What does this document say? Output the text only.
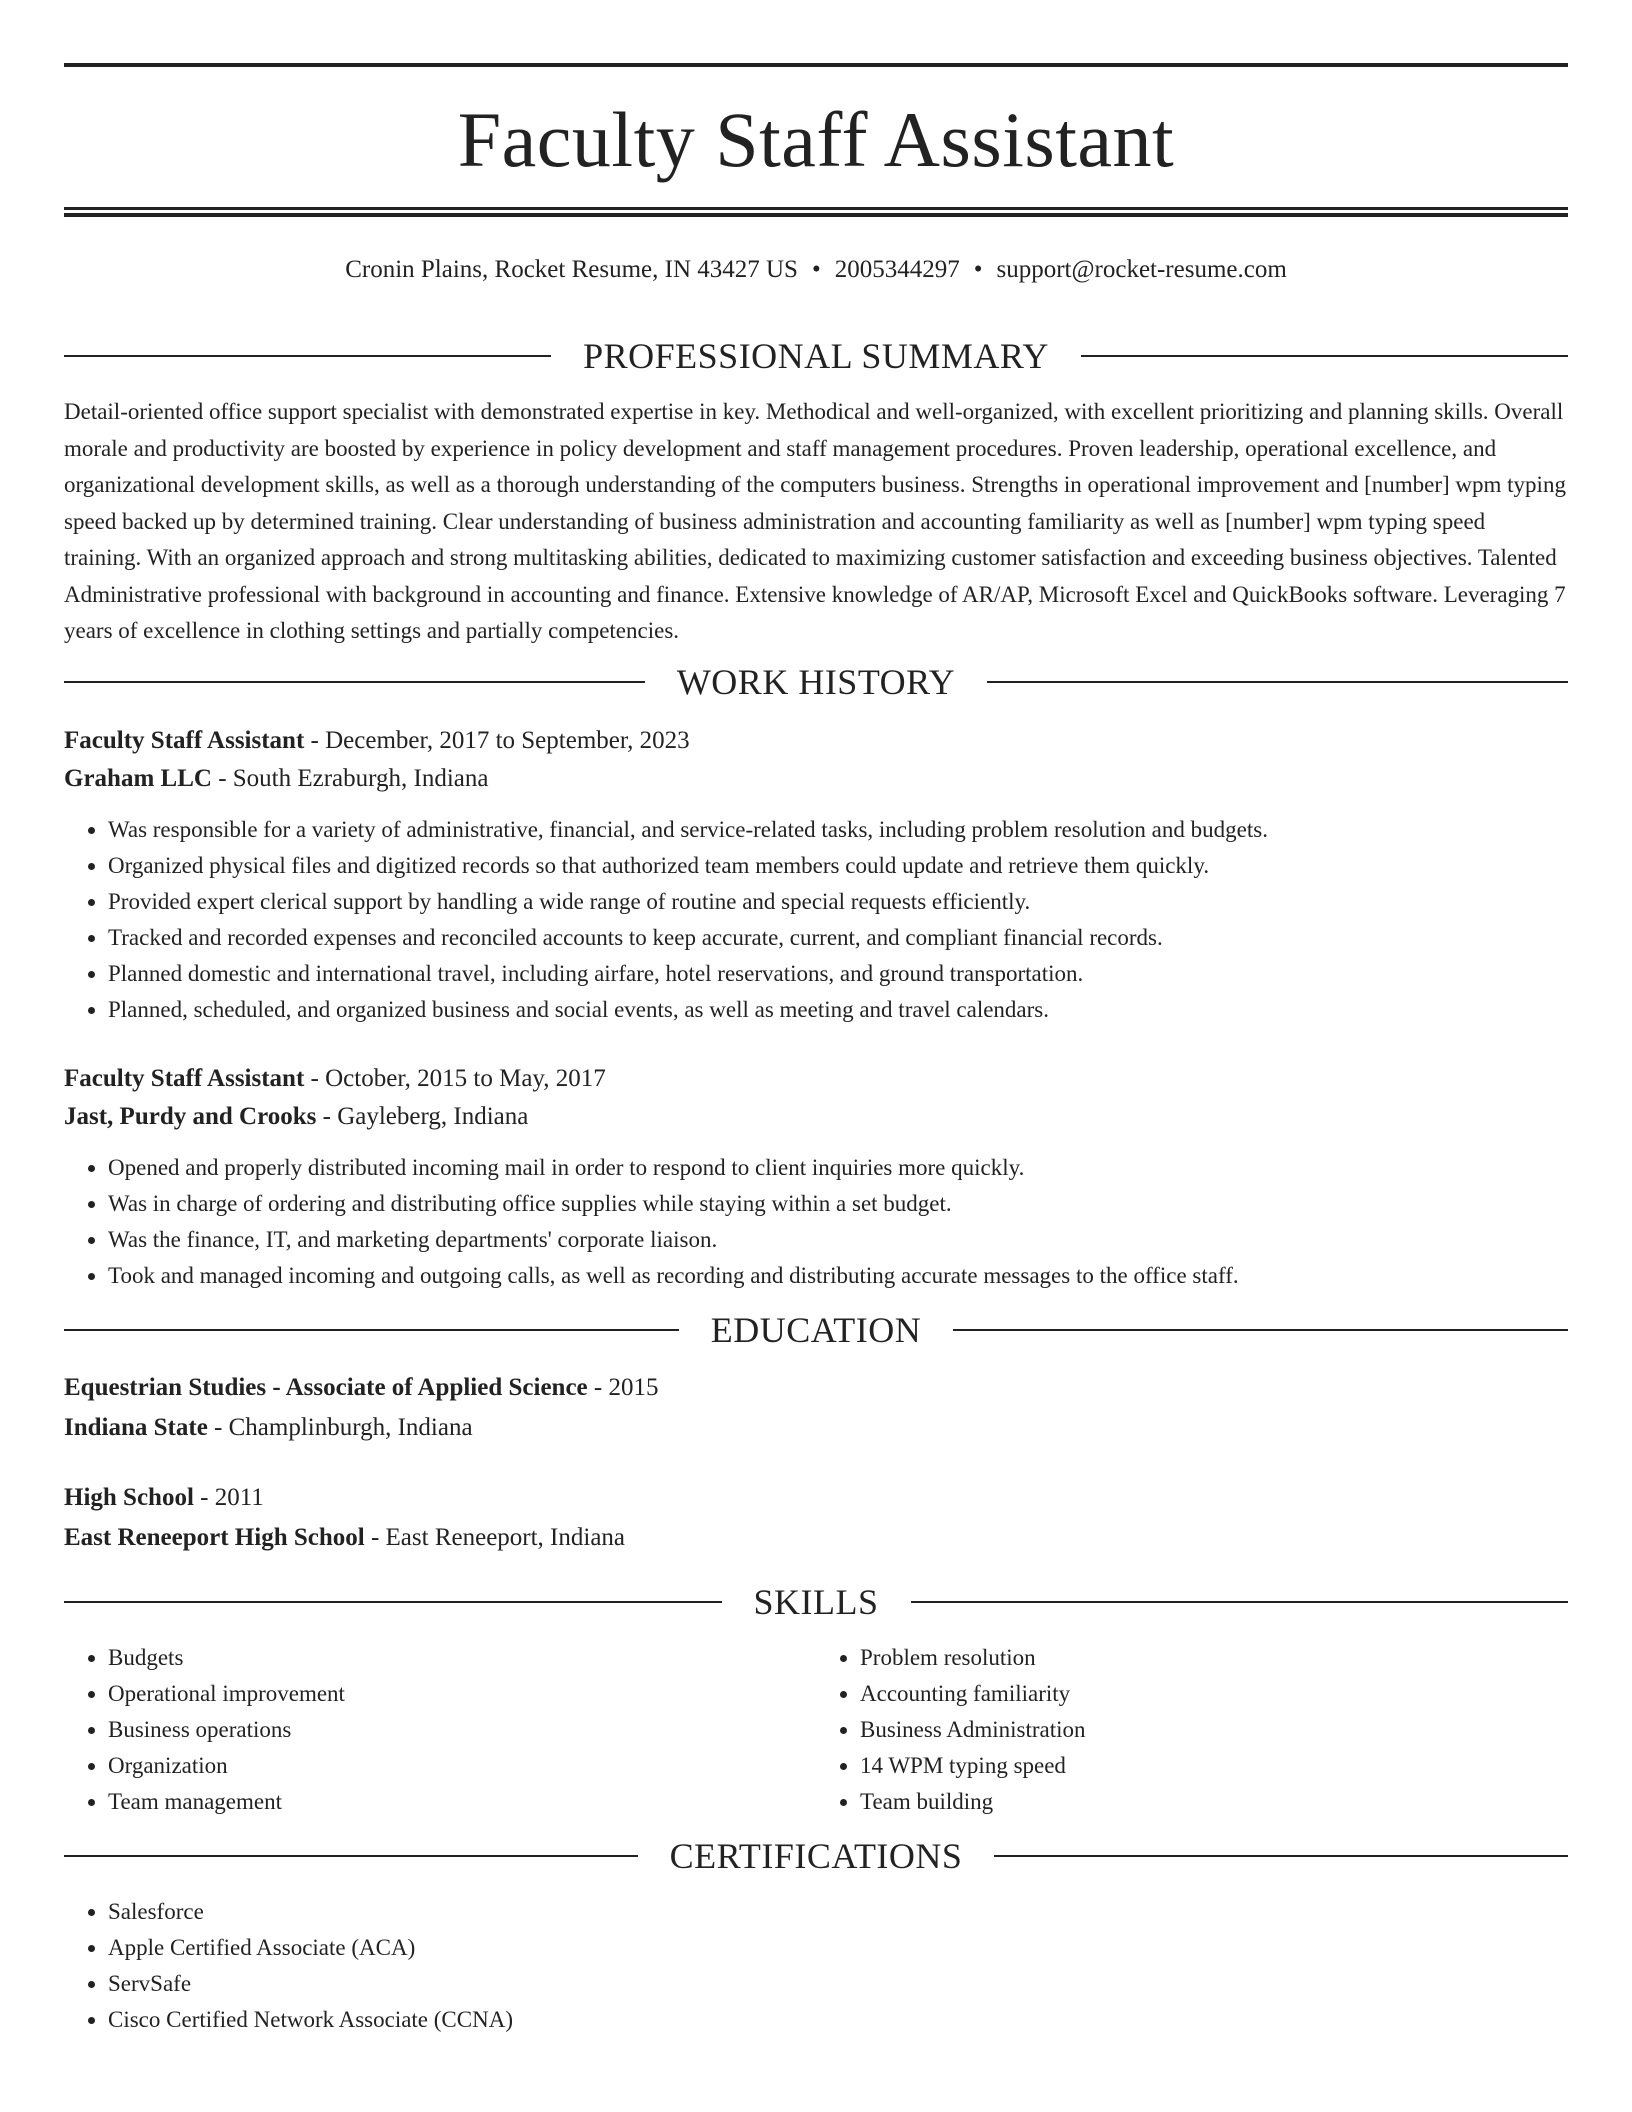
Faculty Staff Assistant
Cronin Plains, Rocket Resume, IN 43427 US • 2005344297 • support@rocket-resume.com
PROFESSIONAL SUMMARY

Detail-oriented office support specialist with demonstrated expertise in key. Methodical and well-organized, with excellent prioritizing and planning skills. Overall morale and productivity are boosted by experience in policy development and staff management procedures. Proven leadership, operational excellence, and organizational development skills, as well as a thorough understanding of the computers business. Strengths in operational improvement and [number] wpm typing speed backed up by determined training. Clear understanding of business administration and accounting familiarity as well as [number] wpm typing speed training. With an organized approach and strong multitasking abilities, dedicated to maximizing customer satisfaction and exceeding business objectives. Talented Administrative professional with background in accounting and finance. Extensive knowledge of AR/AP, Microsoft Excel and QuickBooks software. Leveraging 7 years of excellence in clothing settings and partially competencies.

WORK HISTORY
Faculty Staff Assistant - December, 2017 to September, 2023
Graham LLC - South Ezraburgh, Indiana
• Was responsible for a variety of administrative, financial, and service-related tasks, including problem resolution and budgets.
• Organized physical files and digitized records so that authorized team members could update and retrieve them quickly.
• Provided expert clerical support by handling a wide range of routine and special requests efficiently.
• Tracked and recorded expenses and reconciled accounts to keep accurate, current, and compliant financial records.
• Planned domestic and international travel, including airfare, hotel reservations, and ground transportation.
• Planned, scheduled, and organized business and social events, as well as meeting and travel calendars.
Faculty Staff Assistant - October, 2015 to May, 2017
Jast, Purdy and Crooks - Gayleberg, Indiana
• Opened and properly distributed incoming mail in order to respond to client inquiries more quickly.
• Was in charge of ordering and distributing office supplies while staying within a set budget.
• Was the finance, IT, and marketing departments' corporate liaison.
• Took and managed incoming and outgoing calls, as well as recording and distributing accurate messages to the office staff.
EDUCATION
Equestrian Studies - Associate of Applied Science - 2015
Indiana State - Champlinburgh, Indiana
High School - 2011
East Reneeport High School - East Reneeport, Indiana
SKILLS
• Budgets
• Operational improvement
• Business operations
• Organization
• Team management
• Problem resolution
• Accounting familiarity
• Business Administration
• 14 WPM typing speed
• Team building
CERTIFICATIONS
• Salesforce
• Apple Certified Associate (ACA)
• ServSafe
• Cisco Certified Network Associate (CCNA)
